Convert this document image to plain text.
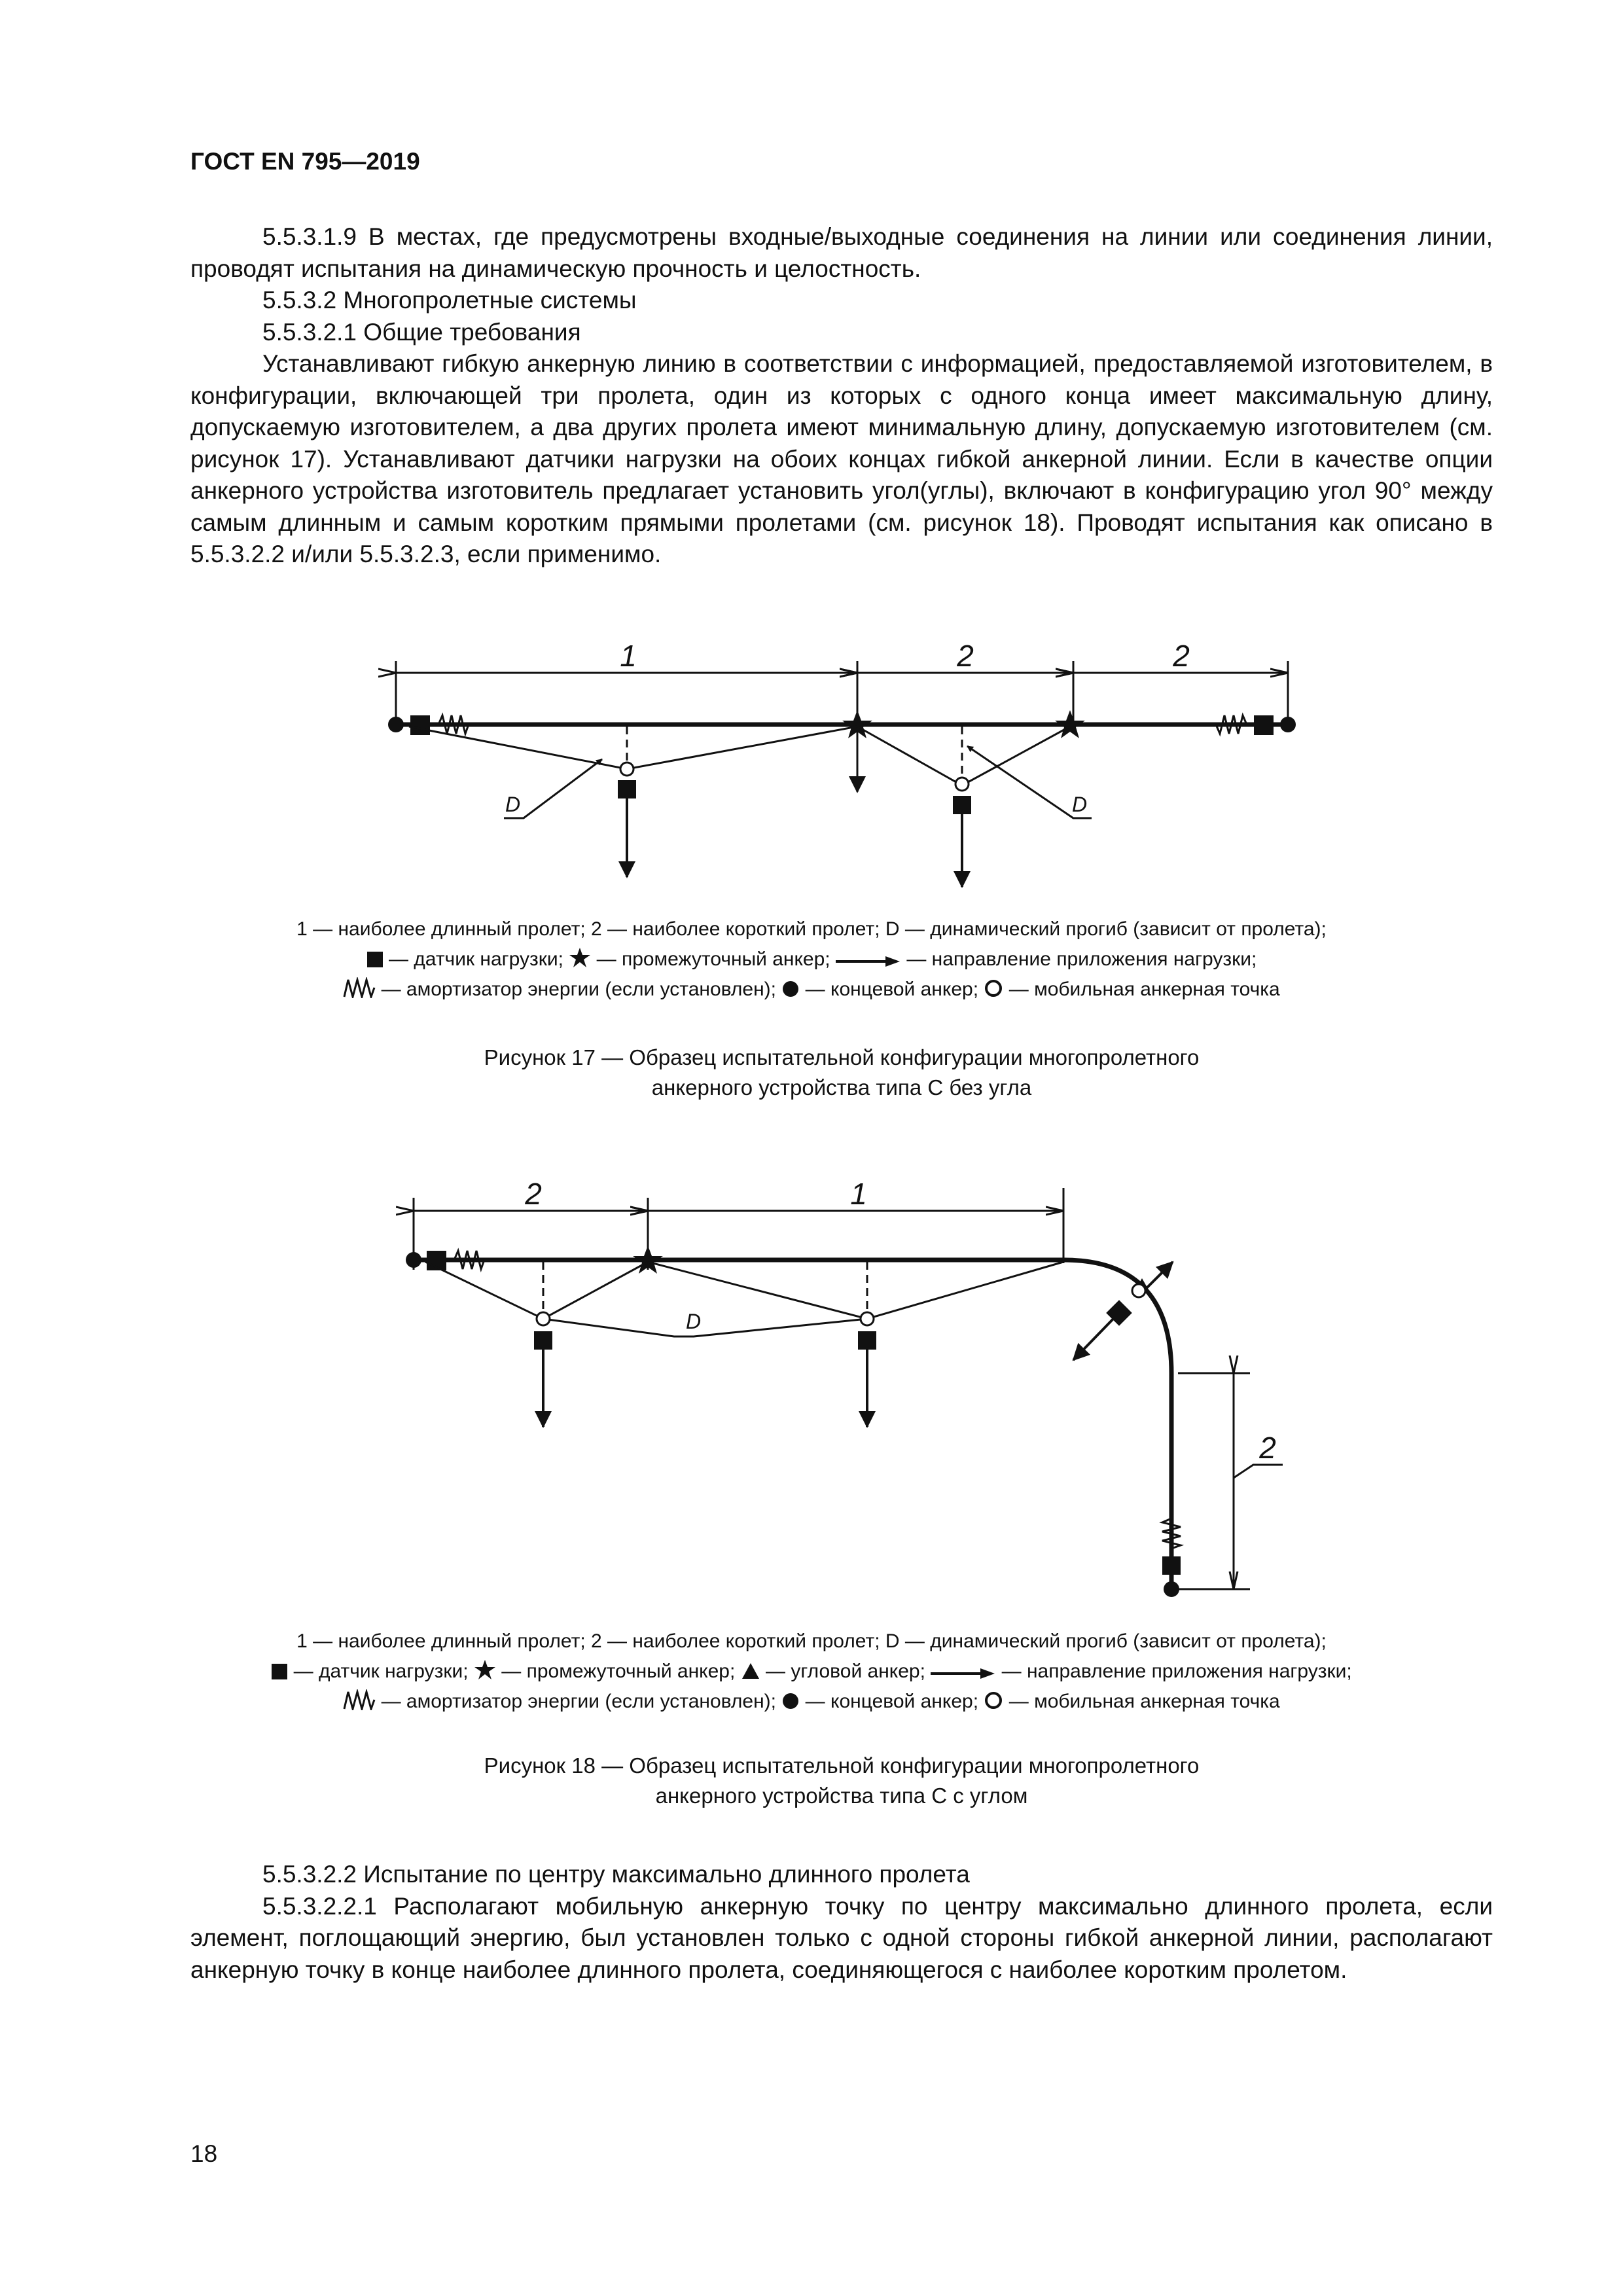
ГОСТ EN 795—2019

5.5.3.1.9 В местах, где предусмотрены входные/выходные соединения на линии или соединения линии, проводят испытания на динамическую прочность и целостность.

5.5.3.2 Многопролетные системы

5.5.3.2.1 Общие требования

Устанавливают гибкую анкерную линию в соответствии с информацией, предоставляемой изготовителем, в конфигурации, включающей три пролета, один из которых с одного конца имеет максимальную длину, допускаемую изготовителем, а два других пролета имеют минимальную длину, допускаемую изготовителем (см. рисунок 17). Устанавливают датчики нагрузки на обоих концах гибкой анкерной линии. Если в качестве опции анкерного устройства изготовитель предлагает установить угол(углы), включают в конфигурацию угол 90° между самым длинным и самым коротким прямыми пролетами (см. рисунок 18). Проводят испытания как описано в 5.5.3.2.2 и/или 5.5.3.2.3, если применимо.

1	2	2
D	D
1 — наиболее длинный пролет; 2 — наиболее короткий пролет; D — динамический прогиб (зависит от пролета);
— датчик нагрузки; — промежуточный анкер;	— направление приложения нагрузки;
— амортизатор энергии (если установлен); — концевой анкер; — мобильная анкерная точка
Рисунок 17 — Образец испытательной конфигурации многопролетного
анкерного устройства типа С без угла
2	1
2
D
1 — наиболее длинный пролет; 2 — наиболее короткий пролет; D — динамический прогиб (зависит от пролета);
— датчик нагрузки; — промежуточный анкер; — угловой анкер;	— направление приложения нагрузки;
— амортизатор энергии (если установлен); — концевой анкер; — мобильная анкерная точка
Рисунок 18 — Образец испытательной конфигурации многопролетного
анкерного устройства типа С с углом

5.5.3.2.2 Испытание по центру максимально длинного пролета

5.5.3.2.2.1 Располагают мобильную анкерную точку по центру максимально длинного пролета, если элемент, поглощающий энергию, был установлен только с одной стороны гибкой анкерной линии, располагают анкерную точку в конце наиболее длинного пролета, соединяющегося с наиболее коротким пролетом.

18
